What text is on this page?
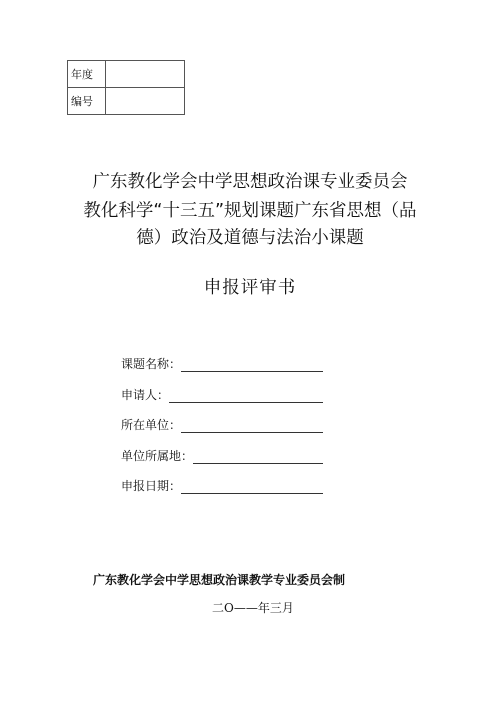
年度	
编号	
广东教化学会中学思想政治课专业委员会
教化科学“十三五”规划课题广东省思想（品
德）政治及道德与法治小课题
申报评审书
课题名称：
申请人：
所在单位：
单位所属地：
申报日期：
广东教化学会中学思想政治课教学专业委员会制
二O——年三月
